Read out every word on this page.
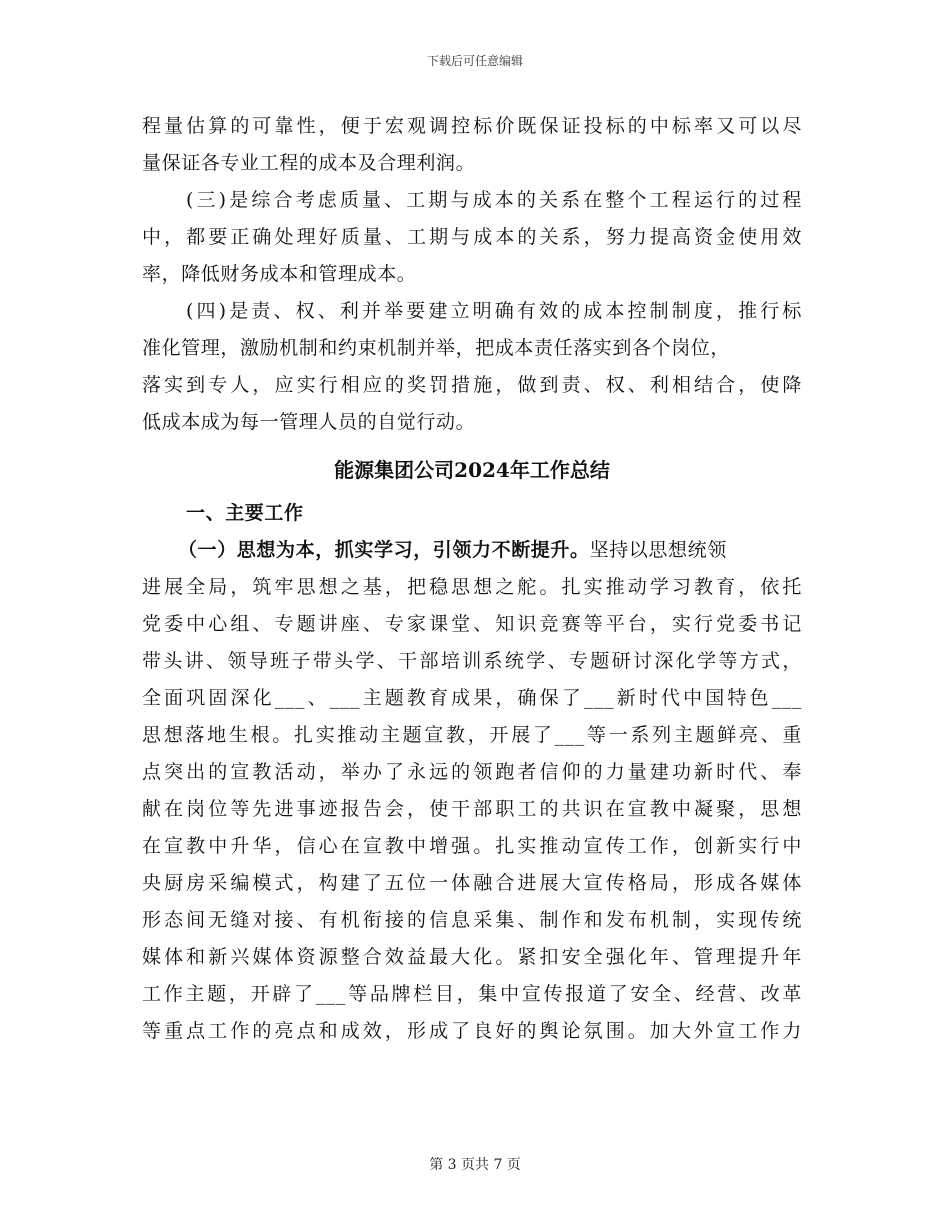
下载后可任意编辑
程量估算的可靠性，便于宏观调控标价既保证投标的中标率又可以尽
量保证各专业工程的成本及合理利润。
(三)是综合考虑质量、工期与成本的关系在整个工程运行的过程
中，都要正确处理好质量、工期与成本的关系，努力提高资金使用效
率，降低财务成本和管理成本。
(四)是责、权、利并举要建立明确有效的成本控制制度，推行标
准化管理，激励机制和约束机制并举，把成本责任落实到各个岗位，
落实到专人，应实行相应的奖罚措施，做到责、权、利相结合，使降
低成本成为每一管理人员的自觉行动。
能源集团公司2024年工作总结
一、主要工作
（一）思想为本，抓实学习，引领力不断提升。坚持以思想统领
进展全局，筑牢思想之基，把稳思想之舵。扎实推动学习教育，依托
党委中心组、专题讲座、专家课堂、知识竞赛等平台，实行党委书记
带头讲、领导班子带头学、干部培训系统学、专题研讨深化学等方式，
全面巩固深化___、___主题教育成果，确保了___新时代中国特色___
思想落地生根。扎实推动主题宣教，开展了___等一系列主题鲜亮、重
点突出的宣教活动，举办了永远的领跑者信仰的力量建功新时代、奉
献在岗位等先进事迹报告会，使干部职工的共识在宣教中凝聚，思想
在宣教中升华，信心在宣教中增强。扎实推动宣传工作，创新实行中
央厨房采编模式，构建了五位一体融合进展大宣传格局，形成各媒体
形态间无缝对接、有机衔接的信息采集、制作和发布机制，实现传统
媒体和新兴媒体资源整合效益最大化。紧扣安全强化年、管理提升年
工作主题，开辟了___等品牌栏目，集中宣传报道了安全、经营、改革
等重点工作的亮点和成效，形成了良好的舆论氛围。加大外宣工作力
第 3 页共 7 页
